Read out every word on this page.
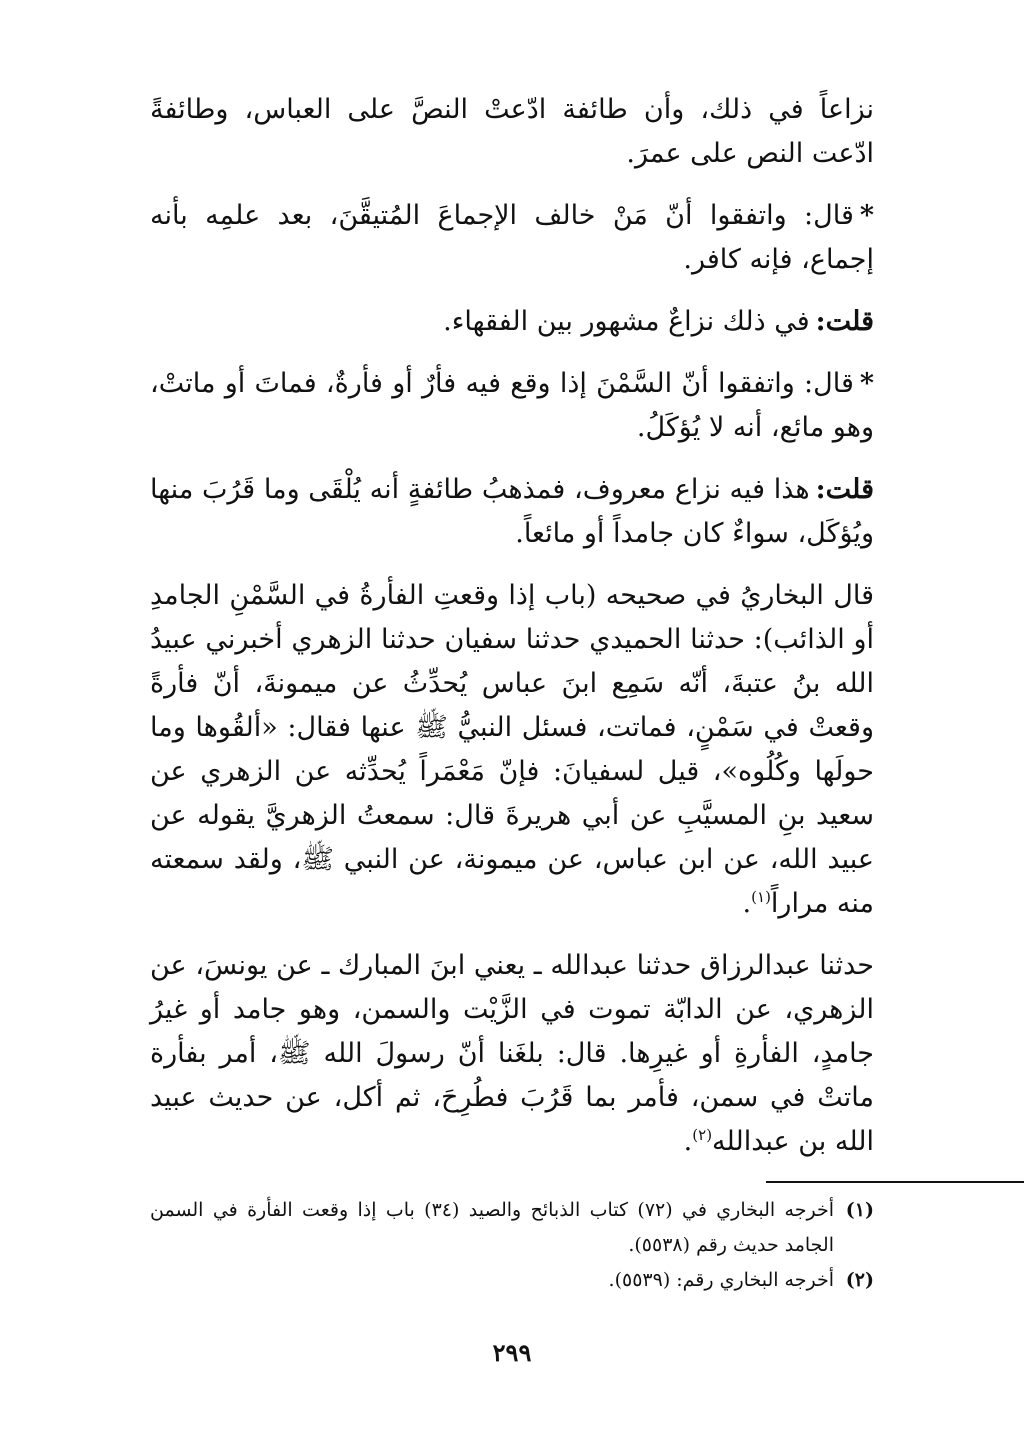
نزاعاً في ذلك، وأن طائفة ادّعتْ النصَّ على العباس، وطائفةً ادّعت النص على عمرَ.

*قال: واتفقوا أنّ مَنْ خالف الإجماعَ المُتيقَّنَ، بعد علمِه بأنه إجماع، فإنه كافر.

قلت:في ذلك نزاعٌ مشهور بين الفقهاء.

*قال: واتفقوا أنّ السَّمْنَ إذا وقع فيه فأرٌ أو فأرةٌ، فماتَ أو ماتتْ، وهو مائع، أنه لا يُؤكَلُ.

قلت:هذا فيه نزاع معروف، فمذهبُ طائفةٍ أنه يُلْقَى وما قَرُبَ منها ويُؤكَل، سواءٌ كان جامداً أو مائعاً.

قال البخاريُ في صحيحه (باب إذا وقعتِ الفأرةُ في السَّمْنِ الجامدِ أو الذائب): حدثنا الحميدي حدثنا سفيان حدثنا الزهري أخبرني عبيدُ الله بنُ عتبةَ، أنّه سَمِع ابنَ عباس يُحدِّثُ عن ميمونةَ، أنّ فأرةً وقعتْ في سَمْنٍ، فماتت، فسئل النبيُّ ﷺ عنها فقال: «ألقُوها وما حولَها وكُلُوه»، قيل لسفيانَ: فإنّ مَعْمَراً يُحدِّثه عن الزهري عن سعيد بنِ المسيَّبِ عن أبي هريرةَ قال: سمعتُ الزهريَّ يقوله عن عبيد الله، عن ابن عباس، عن ميمونة، عن النبي ﷺ، ولقد سمعته منه مراراً$^{(١)}$.

حدثنا عبدالرزاق حدثنا عبدالله ـ يعني ابنَ المبارك ـ عن يونسَ، عن الزهري، عن الدابّة تموت في الزَّيْت والسمن، وهو جامد أو غيرُ جامدٍ، الفأرةِ أو غيرِها. قال: بلغَنا أنّ رسولَ الله ﷺ، أمر بفأرة ماتتْ في سمن، فأمر بما قَرُبَ فطُرِحَ، ثم أكل، عن حديث عبيد الله بن عبدالله$^{(٢)}$.

(١)
أخرجه البخاري في (٧٢) كتاب الذبائح والصيد (٣٤) باب إذا وقعت الفأرة في السمن الجامد حديث رقم (٥٥٣٨).
(٢)
أخرجه البخاري رقم: (٥٥٣٩).
٢٩٩
